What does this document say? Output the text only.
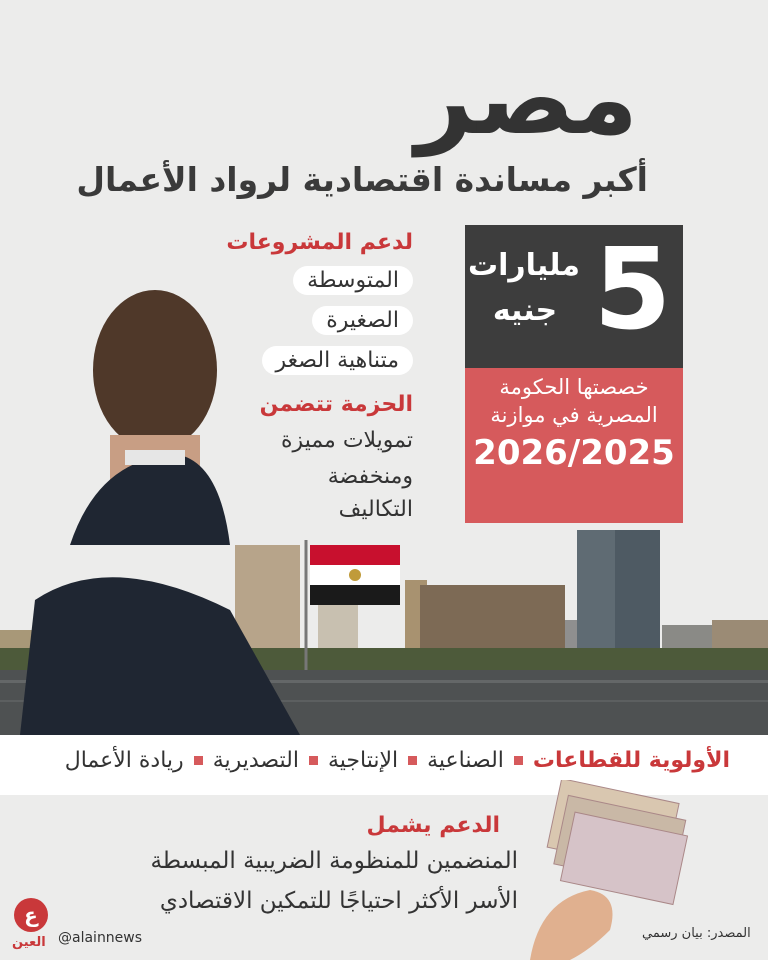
مصر
أكبر مساندة اقتصادية لرواد الأعمال
لدعم المشروعات
المتوسطة
الصغيرة
متناهية الصغر
الحزمة تتضمن
تمويلات مميزة
ومنخفضة
التكاليف
5
مليارات
جنيه
خصصتها الحكومة
المصرية في موازنة
2026/2025
الأولوية للقطاعات
الصناعية
الإنتاجية
التصديرية
ريادة الأعمال
الدعم يشمل
المنضمين للمنظومة الضريبية المبسطة
الأسر الأكثر احتياجًا للتمكين الاقتصادي
ع
العين @alainnews	المصدر: بيان رسمي
